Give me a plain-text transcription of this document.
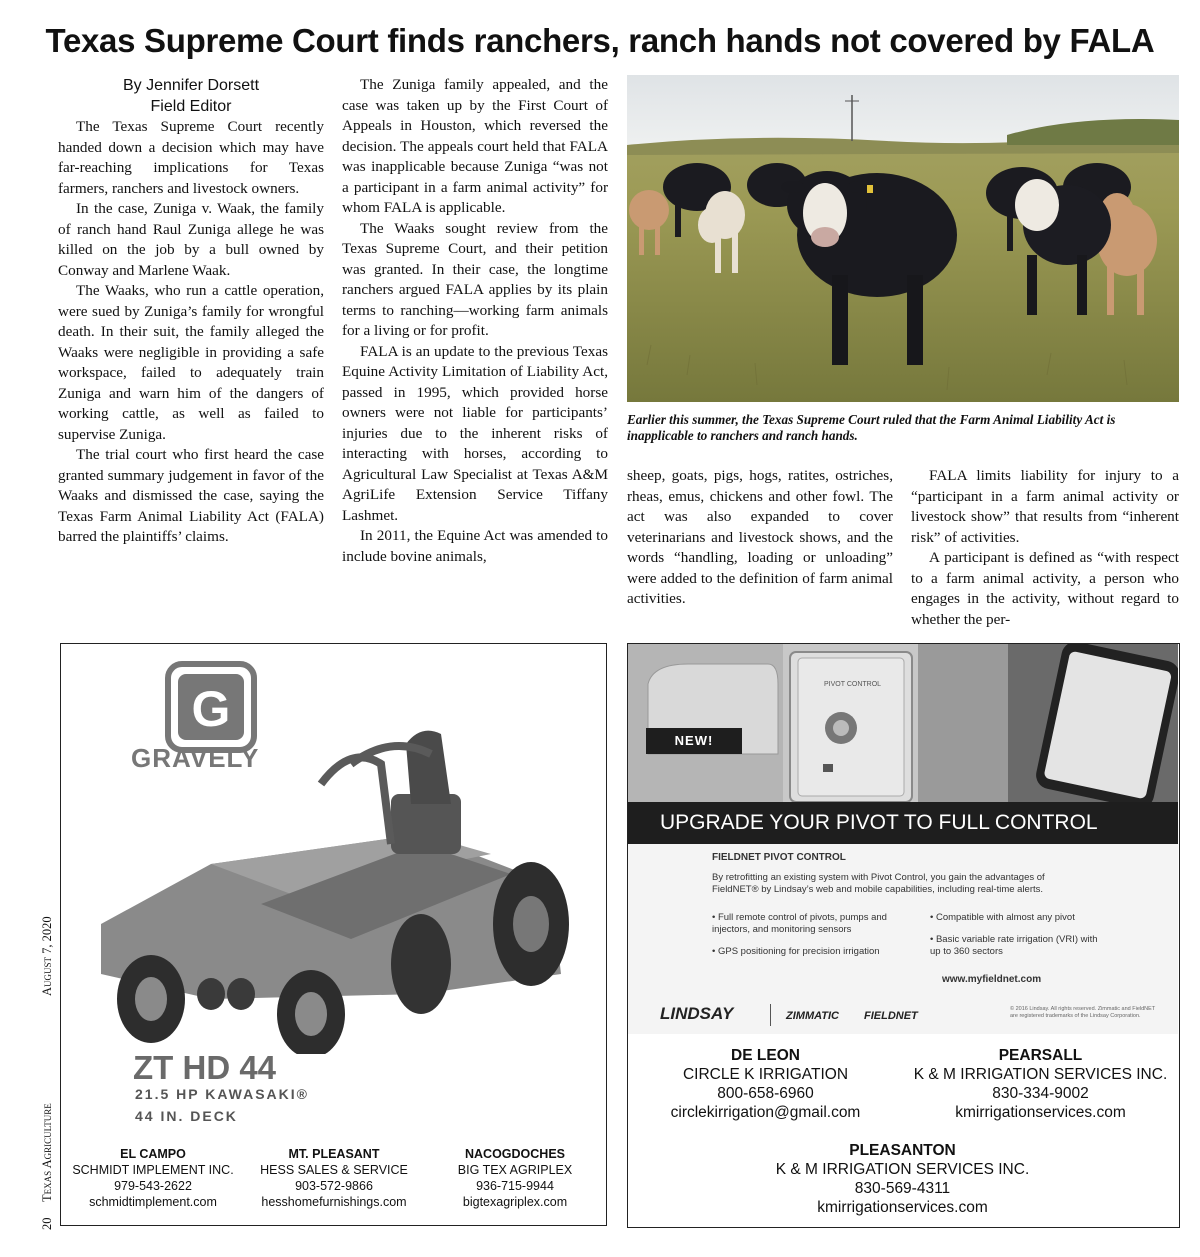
Texas Supreme Court finds ranchers, ranch hands not covered by FALA

By Jennifer Dorsett

Field Editor

The Texas Supreme Court recently handed down a decision which may have far-reaching implications for Texas farmers, ranchers and livestock owners.

In the case, Zuniga v. Waak, the family of ranch hand Raul Zuniga allege he was killed on the job by a bull owned by Conway and Marlene Waak.

The Waaks, who run a cattle operation, were sued by Zuniga’s family for wrongful death. In their suit, the family alleged the Waaks were negligible in providing a safe workspace, failed to adequately train Zuniga and warn him of the dangers of working cattle, as well as failed to supervise Zuniga.

The trial court who first heard the case granted summary judgement in favor of the Waaks and dismissed the case, saying the Texas Farm Animal Liability Act (FALA) barred the plaintiffs’ claims.

The Zuniga family appealed, and the case was taken up by the First Court of Appeals in Houston, which reversed the decision. The appeals court held that FALA was inapplicable because Zuniga “was not a participant in a farm animal activity” for whom FALA is applicable.

The Waaks sought review from the Texas Supreme Court, and their petition was granted. In their case, the longtime ranchers argued FALA applies by its plain terms to ranching—working farm animals for a living or for profit.

FALA is an update to the previous Texas Equine Activity Limitation of Liability Act, passed in 1995, which provided horse owners were not liable for participants’ injuries due to the inherent risks of interacting with horses, according to Agricultural Law Specialist at Texas A&M AgriLife Extension Service Tiffany Lashmet.

In 2011, the Equine Act was amended to include bovine animals,

Earlier this summer, the Texas Supreme Court ruled that the Farm Animal Liability Act is inapplicable to ranchers and ranch hands.

sheep, goats, pigs, hogs, ratites, ostriches, rheas, emus, chickens and other fowl. The act was also expanded to cover veterinarians and livestock shows, and the words “handling, loading or unloading” were added to the definition of farm animal activities.

FALA limits liability for injury to a “participant in a farm animal activity or livestock show” that results from “inherent risk” of activities.

A participant is defined as “with respect to a farm animal activity, a person who engages in the activity, without regard to whether the per-

20
Texas Agriculture
August 7, 2020
G
GRAVELY
ZT HD 44
21.5 HP KAWASAKI®
44 IN. DECK
EL CAMPO
SCHMIDT IMPLEMENT INC.
979-543-2622
schmidtimplement.com
MT. PLEASANT
HESS SALES & SERVICE
903-572-9866
hesshomefurnishings.com
NACOGDOCHES
BIG TEX AGRIPLEX
936-715-9944
bigtexagriplex.com
PIVOT CONTROL
NEW!
UPGRADE YOUR PIVOT TO FULL CONTROL
FIELDNET PIVOT CONTROL
By retrofitting an existing system with Pivot Control, you gain the advantages of FieldNET® by Lindsay’s web and mobile capabilities, including real-time alerts.
• Full remote control of pivots, pumps and injectors, and monitoring sensors
• GPS positioning for precision irrigation
• Compatible with almost any pivot
• Basic variable rate irrigation (VRI) with up to 360 sectors
www.myfieldnet.com
LINDSAY	ZIMMATIC FIELDNET
© 2016 Lindsay. All rights reserved. Zimmatic and FieldNET are registered trademarks of the Lindsay Corporation.
DE LEON
CIRCLE K IRRIGATION
800-658-6960
circlekirrigation@gmail.com
PEARSALL
K & M IRRIGATION SERVICES INC.
830-334-9002
kmirrigationservices.com
PLEASANTON
K & M IRRIGATION SERVICES INC.
830-569-4311
kmirrigationservices.com
